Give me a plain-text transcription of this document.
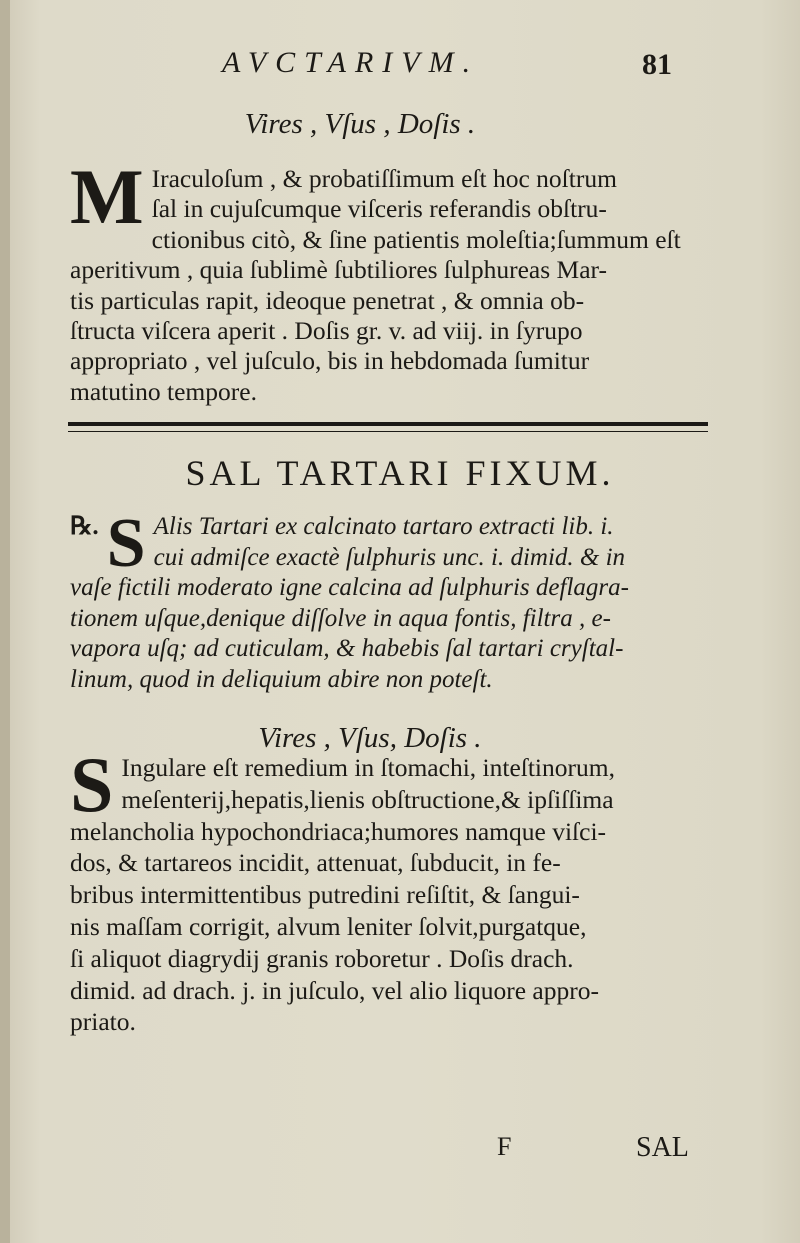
AVCTARIVM.	81
Vires , Vſus , Doſis .
M Iraculoſum , & probatiſſimum eſt hoc noſtrum
ſal in cujuſcumque viſceris referandis obſtru-
ctionibus citò, & ſine patientis moleſtia;ſummum eſt
aperitivum , quia ſublimè ſubtiliores ſulphureas Mar-
tis particulas rapit, ideoque penetrat , & omnia ob-
ſtructa viſcera aperit . Doſis gr. v. ad viij. in ſyrupo
appropriato , vel juſculo, bis in hebdomada ſumitur
matutino tempore.
SAL TARTARI FIXUM.
℞. S Alis Tartari ex calcinato tartaro extracti lib. i.
cui admiſce exactè ſulphuris unc. i. dimid. & in
vaſe fictili moderato igne calcina ad ſulphuris deflagra-
tionem uſque,denique diſſolve in aqua fontis, filtra , e-
vapora uſq; ad cuticulam, & habebis ſal tartari cryſtal-
linum, quod in deliquium abire non poteſt.
Vires , Vſus, Doſis .
S Ingulare eſt remedium in ſtomachi, inteſtinorum,
meſenterij,hepatis,lienis obſtructione,& ipſiſſima
melancholia hypochondriaca;humores namque viſci-
dos, & tartareos incidit, attenuat, ſubducit, in fe-
bribus intermittentibus putredini reſiſtit, & ſangui-
nis maſſam corrigit, alvum leniter ſolvit,purgatque,
ſi aliquot diagrydij granis roboretur . Doſis drach.
dimid. ad drach. j. in juſculo, vel alio liquore appro-
priato.
F	SAL
